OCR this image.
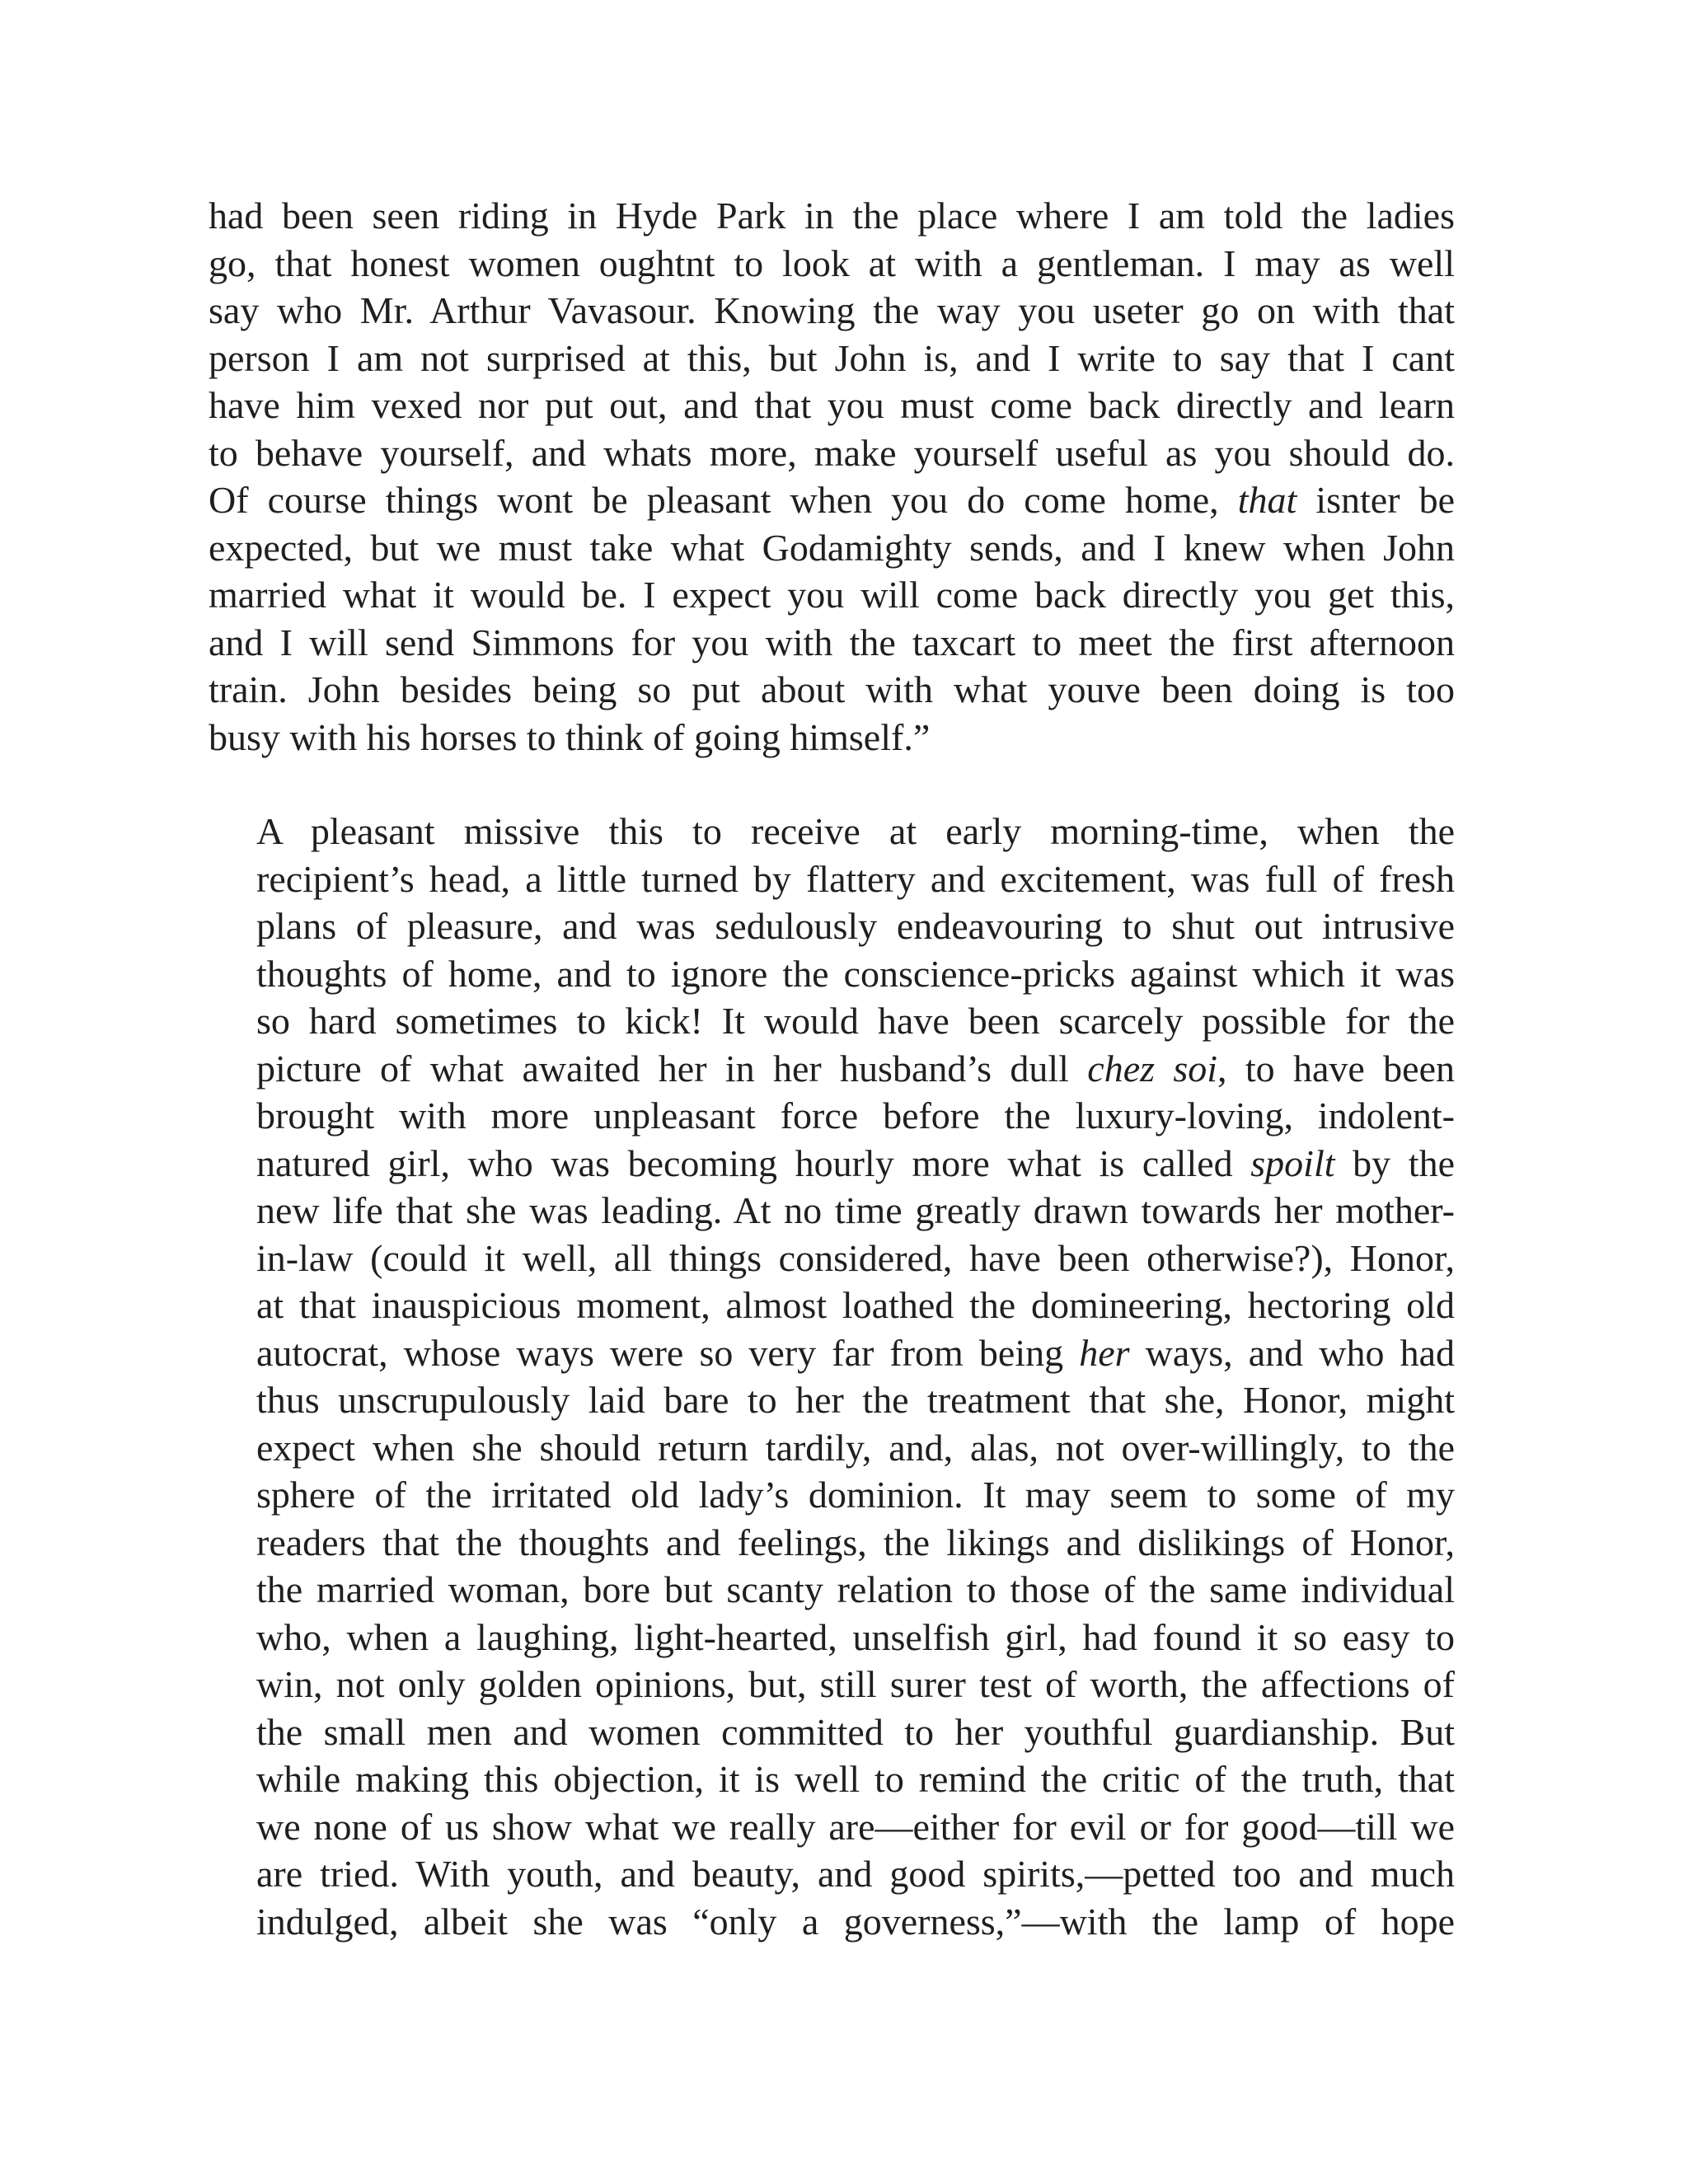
had been seen riding in Hyde Park in the place where I am told the ladies
go, that honest women oughtnt to look at with a gentleman. I may as well
say who Mr. Arthur Vavasour. Knowing the way you useter go on with that
person I am not surprised at this, but John is, and I write to say that I cant
have him vexed nor put out, and that you must come back directly and learn
to behave yourself, and whats more, make yourself useful as you should do.
Of course things wont be pleasant when you do come home, that isnter be
expected, but we must take what Godamighty sends, and I knew when John
married what it would be. I expect you will come back directly you get this,
and I will send Simmons for you with the taxcart to meet the first afternoon
train. John besides being so put about with what youve been doing is too
busy with his horses to think of going himself.”
A pleasant missive this to receive at early morning-time, when the
recipient’s head, a little turned by flattery and excitement, was full of fresh
plans of pleasure, and was sedulously endeavouring to shut out intrusive
thoughts of home, and to ignore the conscience-pricks against which it was
so hard sometimes to kick! It would have been scarcely possible for the
picture of what awaited her in her husband’s dull chez soi, to have been
brought with more unpleasant force before the luxury-loving, indolent-
natured girl, who was becoming hourly more what is called spoilt by the
new life that she was leading. At no time greatly drawn towards her mother-
in-law (could it well, all things considered, have been otherwise?), Honor,
at that inauspicious moment, almost loathed the domineering, hectoring old
autocrat, whose ways were so very far from being her ways, and who had
thus unscrupulously laid bare to her the treatment that she, Honor, might
expect when she should return tardily, and, alas, not over-willingly, to the
sphere of the irritated old lady’s dominion. It may seem to some of my
readers that the thoughts and feelings, the likings and dislikings of Honor,
the married woman, bore but scanty relation to those of the same individual
who, when a laughing, light-hearted, unselfish girl, had found it so easy to
win, not only golden opinions, but, still surer test of worth, the affections of
the small men and women committed to her youthful guardianship. But
while making this objection, it is well to remind the critic of the truth, that
we none of us show what we really are—either for evil or for good—till we
are tried. With youth, and beauty, and good spirits,—petted too and much
indulged, albeit she was “only a governess,”—with the lamp of hope
